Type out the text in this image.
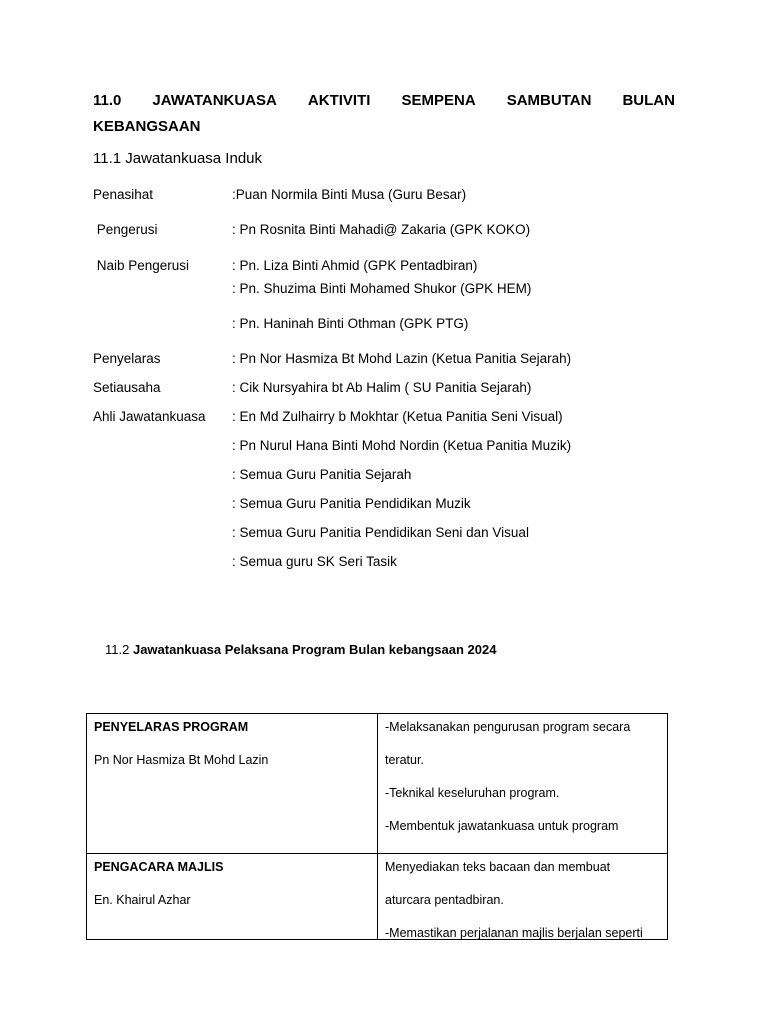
11.0 JAWATANKUASA AKTIVITI SEMPENA SAMBUTAN BULAN
KEBANGSAAN
11.1 Jawatankuasa Induk
Penasihat	:Puan Normila Binti Musa (Guru Besar)
Pengerusi	: Pn Rosnita Binti Mahadi@ Zakaria (GPK KOKO)
Naib Pengerusi	: Pn. Liza Binti Ahmid (GPK Pentadbiran)
: Pn. Shuzima Binti Mohamed Shukor (GPK HEM)
: Pn. Haninah Binti Othman (GPK PTG)
Penyelaras	: Pn Nor Hasmiza Bt Mohd Lazin (Ketua Panitia Sejarah)
Setiausaha	: Cik Nursyahira bt Ab Halim ( SU Panitia Sejarah)
Ahli Jawatankuasa : En Md Zulhairry b Mokhtar (Ketua Panitia Seni Visual)
: Pn Nurul Hana Binti Mohd Nordin (Ketua Panitia Muzik)
: Semua Guru Panitia Sejarah
: Semua Guru Panitia Pendidikan Muzik
: Semua Guru Panitia Pendidikan Seni dan Visual
: Semua guru SK Seri Tasik
11.2 Jawatankuasa Pelaksana Program Bulan kebangsaan 2024
PENYELARAS PROGRAM
Pn Nor Hasmiza Bt Mohd Lazin	-Melaksanakan pengurusan program secara
teratur.
-Teknikal keseluruhan program.
-Membentuk jawatankuasa untuk program

PENGACARA MAJLIS
En. Khairul Azhar	Menyediakan teks bacaan dan membuat
aturcara pentadbiran.
-Memastikan perjalanan majlis berjalan seperti
